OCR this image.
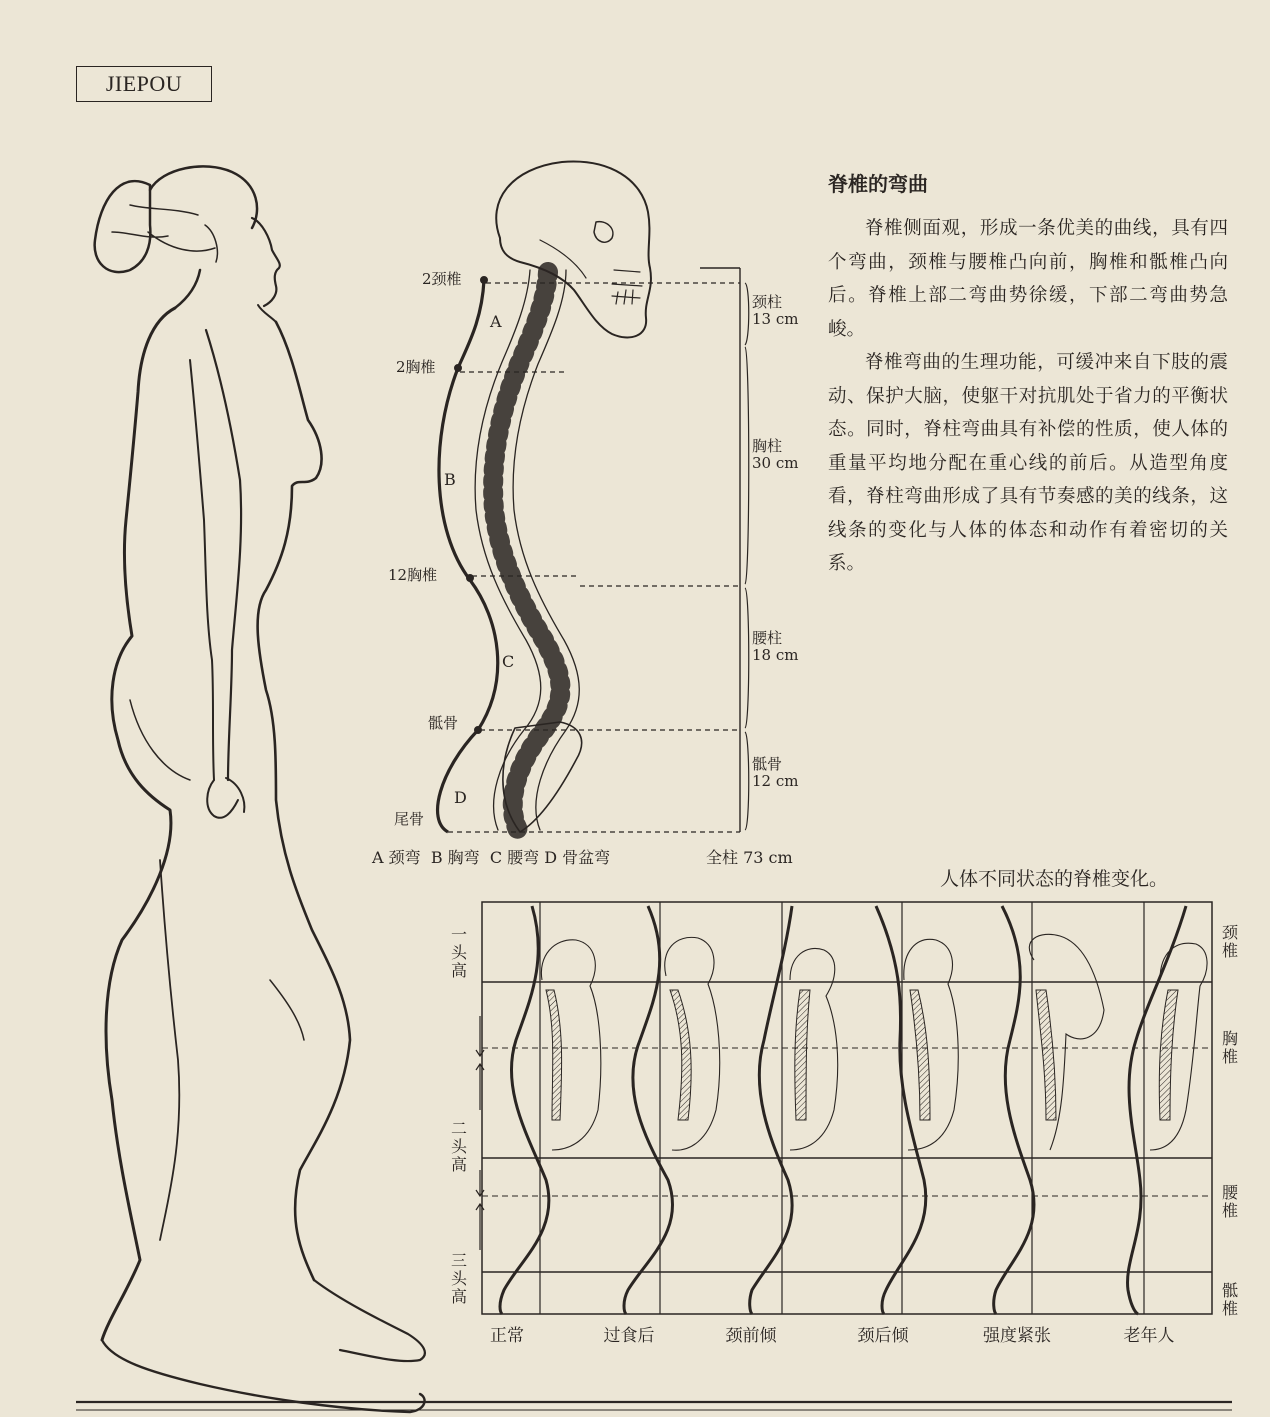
JIEPOU
2颈椎
2胸椎
12胸椎
骶骨
尾骨
A
B
C
D
颈柱
13 cm
胸柱
30 cm
腰柱
18 cm
骶骨
12 cm
A 颈弯  B 胸弯  C 腰弯 D 骨盆弯	全柱 73 cm
脊椎的弯曲

脊椎侧面观，形成一条优美的曲线，具有四个弯曲，颈椎与腰椎凸向前，胸椎和骶椎凸向后。脊椎上部二弯曲势徐缓，下部二弯曲势急峻。

脊椎弯曲的生理功能，可缓冲来自下肢的震动、保护大脑，使躯干对抗肌处于省力的平衡状态。同时，脊柱弯曲具有补偿的性质，使人体的重量平均地分配在重心线的前后。从造型角度看，脊柱弯曲形成了具有节奏感的美的线条，这线条的变化与人体的体态和动作有着密切的关系。

人体不同状态的脊椎变化。
一头高
二头高
三头高
颈椎
胸椎
腰椎
骶椎
正常	过食后	颈前倾	颈后倾	强度紧张	老年人
